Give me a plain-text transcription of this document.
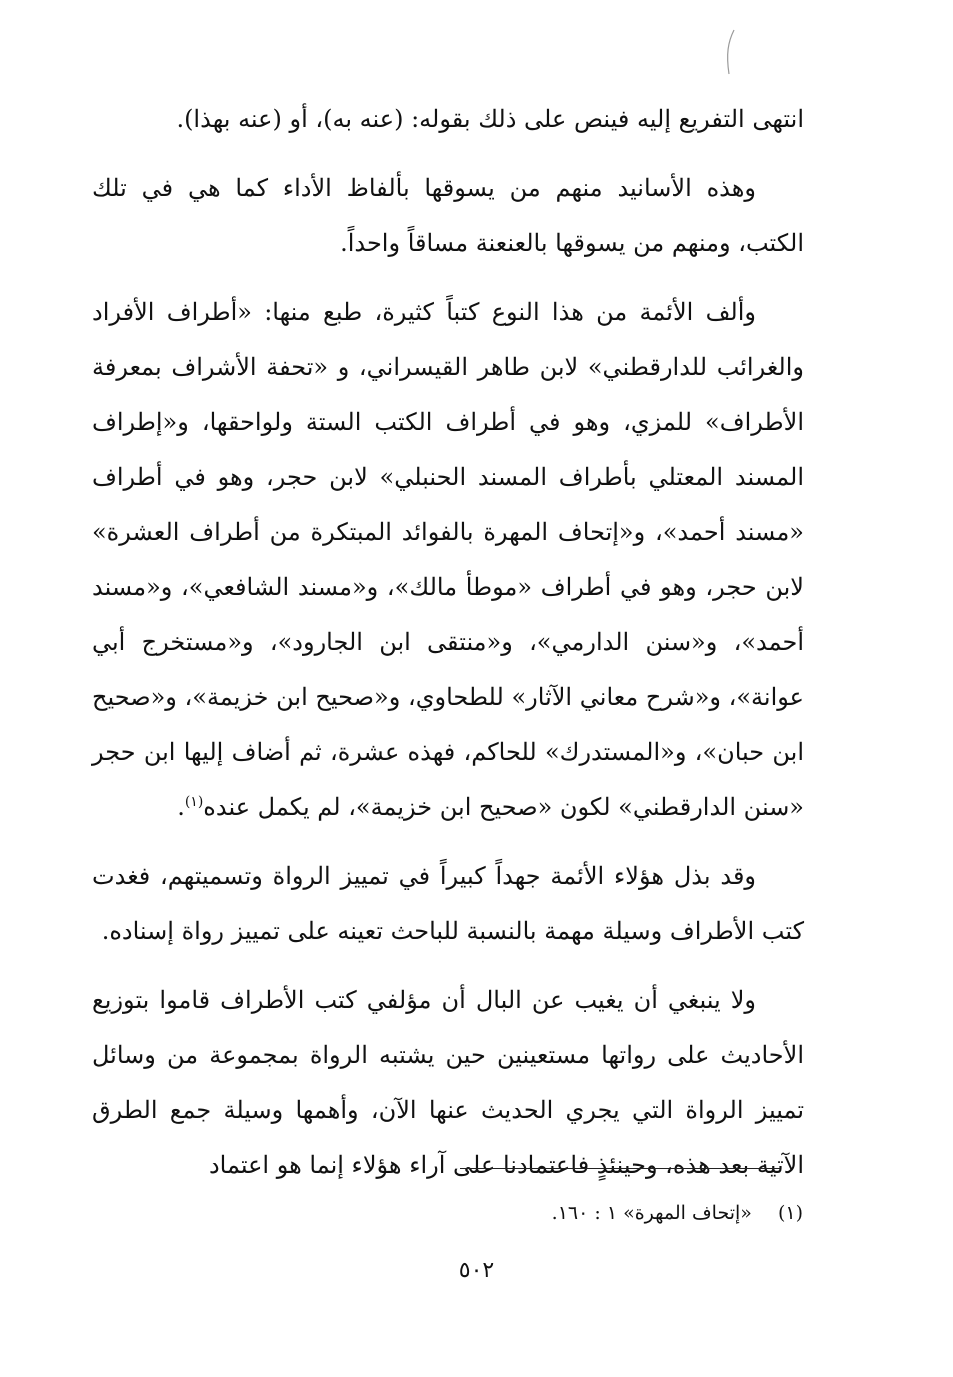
انتهى التفريع إليه فينص على ذلك بقوله: (عنه به)، أو (عنه بهذا).

وهذه الأسانيد منهم من يسوقها بألفاظ الأداء كما هي في تلك الكتب، ومنهم من يسوقها بالعنعنة مساقاً واحداً.

وألف الأئمة من هذا النوع كتباً كثيرة، طبع منها: «أطراف الأفراد والغرائب للدارقطني» لابن طاهر القيسراني، و «تحفة الأشراف بمعرفة الأطراف» للمزي، وهو في أطراف الكتب الستة ولواحقها، و«إطراف المسند المعتلي بأطراف المسند الحنبلي» لابن حجر، وهو في أطراف «مسند أحمد»، و«إتحاف المهرة بالفوائد المبتكرة من أطراف العشرة» لابن حجر، وهو في أطراف «موطأ مالك»، و«مسند الشافعي»، و«مسند أحمد»، و«سنن الدارمي»، و«منتقى ابن الجارود»، و«مستخرج أبي عوانة»، و«شرح معاني الآثار» للطحاوي، و«صحيح ابن خزيمة»، و«صحيح ابن حبان»، و«المستدرك» للحاكم، فهذه عشرة، ثم أضاف إليها ابن حجر «سنن الدارقطني» لكون «صحيح ابن خزيمة»، لم يكمل عنده$^{(١)}$.

وقد بذل هؤلاء الأئمة جهداً كبيراً في تمييز الرواة وتسميتهم، فغدت كتب الأطراف وسيلة مهمة بالنسبة للباحث تعينه على تمييز رواة إسناده.

ولا ينبغي أن يغيب عن البال أن مؤلفي كتب الأطراف قاموا بتوزيع الأحاديث على رواتها مستعينين حين يشتبه الرواة بمجموعة من وسائل تمييز الرواة التي يجري الحديث عنها الآن، وأهمها وسيلة جمع الطرق الآتية بعد هذه، وحينئذٍ فاعتمادنا على آراء هؤلاء إنما هو اعتماد

(١)«إتحاف المهرة» ١ : ١٦٠.
٥٠٢
